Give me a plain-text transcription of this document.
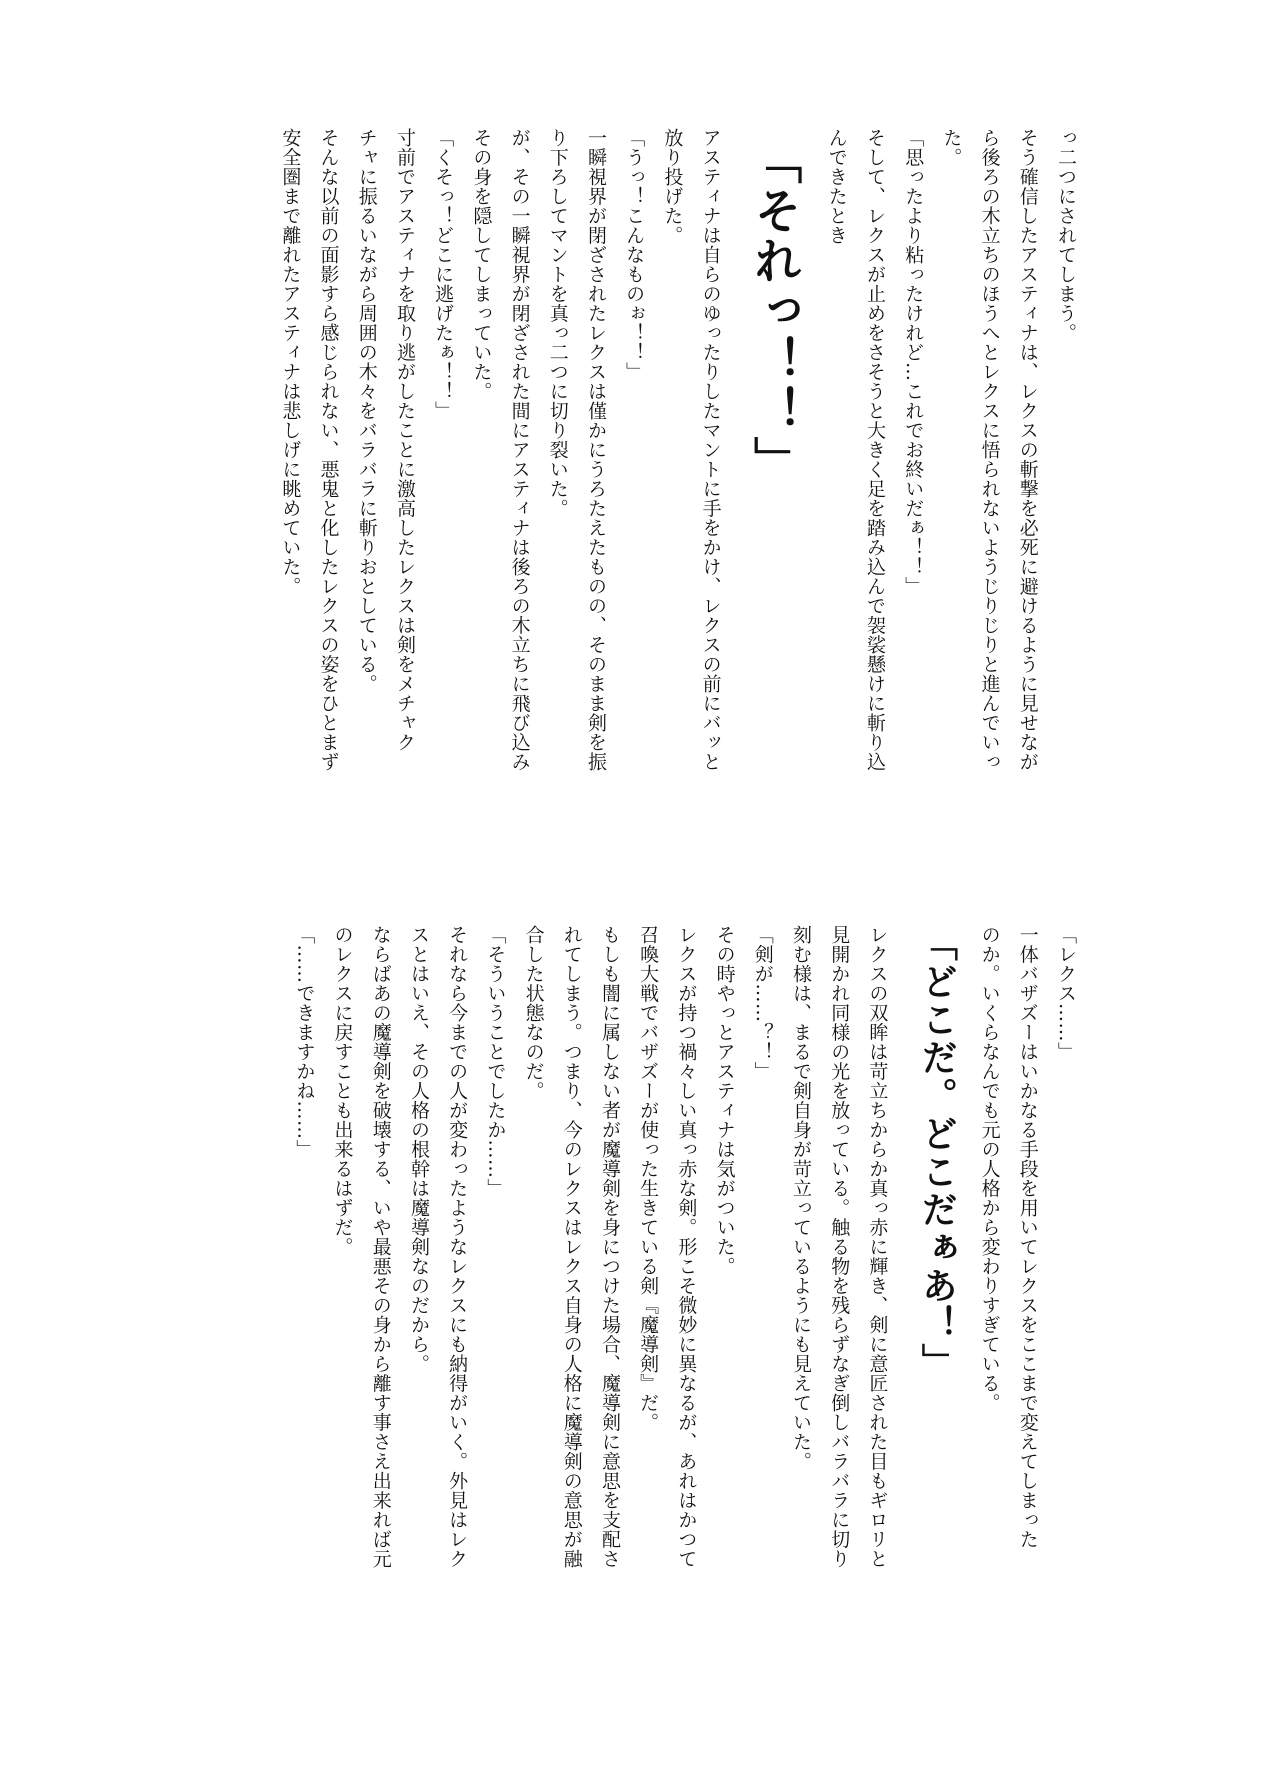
っ二つにされてしまう。
そう確信したアスティナは、レクスの斬撃を必死に避けるように見せなが
ら後ろの木立ちのほうへとレクスに悟られないようじりじりと進んでいっ
た。
「思ったより粘ったけれど…これでお終いだぁ！！」
そして、レクスが止めをさそうと大きく足を踏み込んで袈裟懸けに斬り込
んできたとき
「それっ！！」
アスティナは自らのゆったりしたマントに手をかけ、レクスの前にバッと
放り投げた。
「うっ！こんなものぉ！！」
一瞬視界が閉ざされたレクスは僅かにうろたえたものの、そのまま剣を振
り下ろしてマントを真っ二つに切り裂いた。
が、その一瞬視界が閉ざされた間にアスティナは後ろの木立ちに飛び込み
その身を隠してしまっていた。
「くそっ！どこに逃げたぁ！！」
寸前でアスティナを取り逃がしたことに激高したレクスは剣をメチャク
チャに振るいながら周囲の木々をバラバラに斬りおとしている。
そんな以前の面影すら感じられない、悪鬼と化したレクスの姿をひとまず
安全圏まで離れたアスティナは悲しげに眺めていた。
「レクス……」
一体バザズーはいかなる手段を用いてレクスをここまで変えてしまった
のか。いくらなんでも元の人格から変わりすぎている。
「どこだ。どこだぁあ！」
レクスの双眸は苛立ちからか真っ赤に輝き、剣に意匠された目もギロリと
見開かれ同様の光を放っている。触る物を残らずなぎ倒しバラバラに切り
刻む様は、まるで剣自身が苛立っているようにも見えていた。
「剣が……？！」
その時やっとアスティナは気がついた。
レクスが持つ禍々しい真っ赤な剣。形こそ微妙に異なるが、あれはかつて
召喚大戦でバザズーが使った生きている剣『魔導剣』だ。
もしも闇に属しない者が魔導剣を身につけた場合、魔導剣に意思を支配さ
れてしまう。つまり、今のレクスはレクス自身の人格に魔導剣の意思が融
合した状態なのだ。
「そういうことでしたか……」
それなら今までの人が変わったようなレクスにも納得がいく。外見はレク
スとはいえ、その人格の根幹は魔導剣なのだから。
ならばあの魔導剣を破壊する、いや最悪その身から離す事さえ出来れば元
のレクスに戻すことも出来るはずだ。
「……できますかね……」
